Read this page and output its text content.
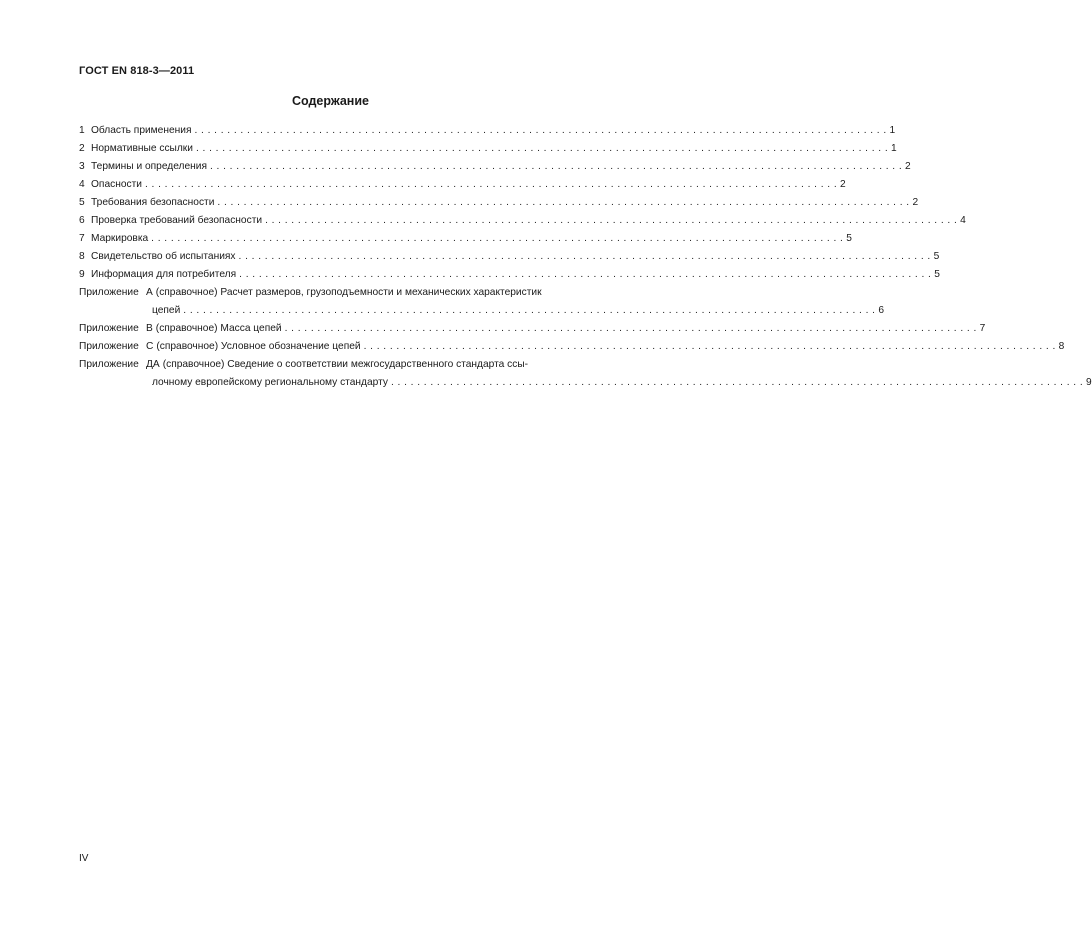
ГОСТ EN 818-3—2011
Содержание
1 Область применения . . .	1
2 Нормативные ссылки . . .	1
3 Термины и определения . . .	2
4 Опасности . . .	2
5 Требования безопасности . . .	2
6 Проверка требований безопасности . . .	4
7 Маркировка . . .	5
8 Свидетельство об испытаниях . . .	5
9 Информация для потребителя . . .	5
Приложение А (справочное) Расчет размеров, грузоподъемности и механических характеристик
цепей . . .	6
Приложение В (справочное) Масса цепей . . .	7
Приложение С (справочное) Условное обозначение цепей . . .	8
Приложение ДА (справочное) Сведение о соответствии межгосударственного стандарта ссы-
лочному европейскому региональному стандарту . . .	9
IV
